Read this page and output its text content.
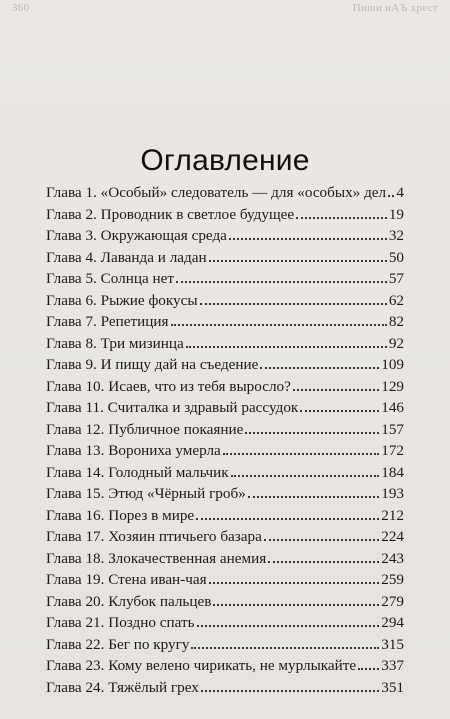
360	Пиши иАЪ хрест
Оглавление
Глава 1. «Особый» следователь — для «особых» дел 4
Глава 2. Проводник в светлое будущее	19
Глава 3. Окружающая среда	32
Глава 4. Лаванда и ладан	50
Глава 5. Солнца нет	57
Глава 6. Рыжие фокусы	62
Глава 7. Репетиция	82
Глава 8. Три мизинца	92
Глава 9. И пищу дай на съедение	109
Глава 10. Исаев, что из тебя выросло?	129
Глава 11. Считалка и здравый рассудок	146
Глава 12. Публичное покаяние	157
Глава 13. Ворониха умерла	172
Глава 14. Голодный мальчик	184
Глава 15. Этюд «Чёрный гроб»	193
Глава 16. Порез в мире	212
Глава 17. Хозяин птичьего базара	224
Глава 18. Злокачественная анемия	243
Глава 19. Стена иван-чая	259
Глава 20. Клубок пальцев	279
Глава 21. Поздно спать	294
Глава 22. Бег по кругу	315
Глава 23. Кому велено чирикать, не мурлыкайте 337
Глава 24. Тяжёлый грех	351
